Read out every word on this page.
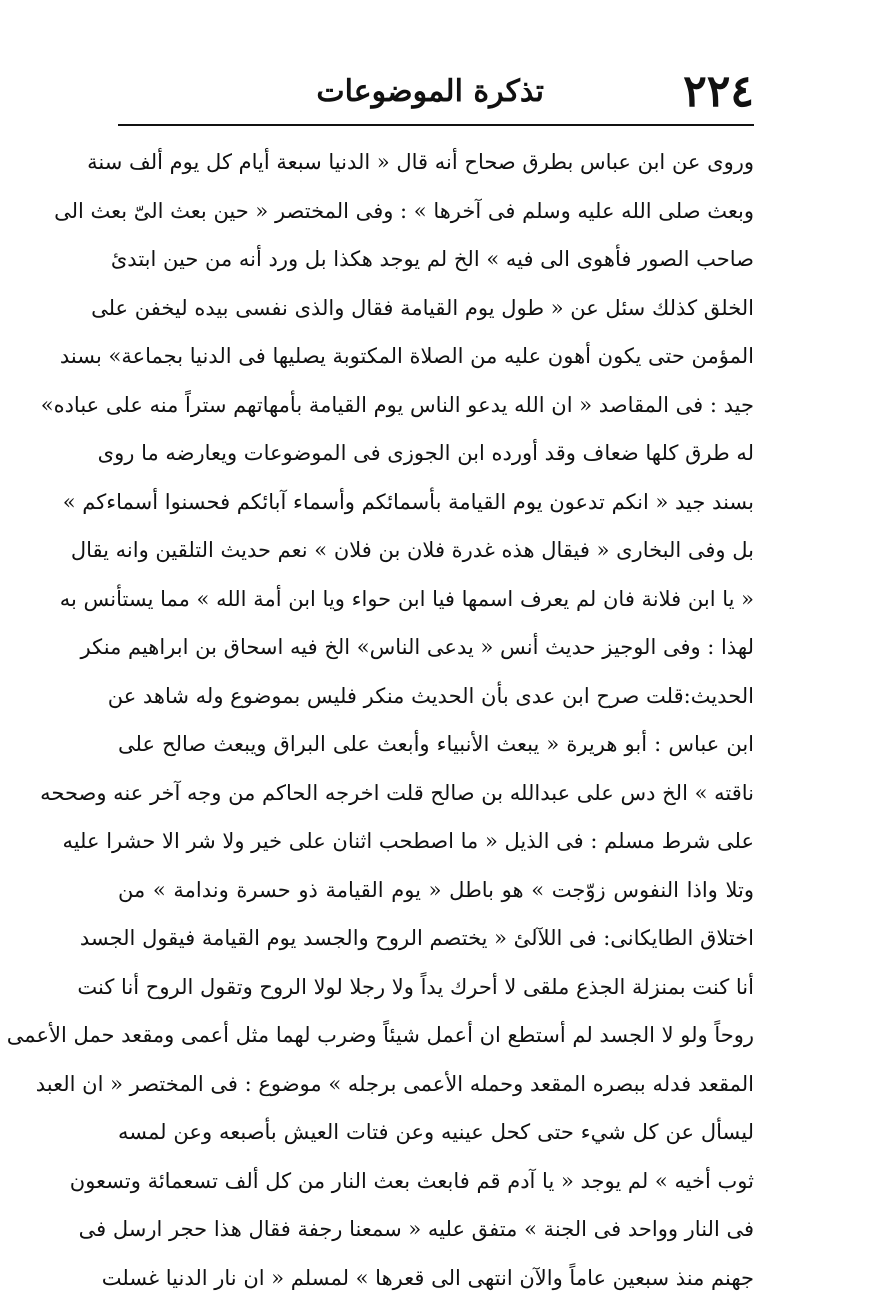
٢٢٤
تذكرة الموضوعات
وروى عن ابن عباس بطرق صحاح أنه قال « الدنيا سبعة أيام كل يوم ألف سنة
وبعث صلى الله عليه وسلم فى آخرها » : وفى المختصر « حين بعث الىّ بعث الى
صاحب الصور فأهوى الى فيه » الخ لم يوجد هكذا بل ورد أنه من حين ابتدئ
الخلق كذلك سئل عن « طول يوم القيامة فقال والذى نفسى بيده ليخفن على
المؤمن حتى يكون أهون عليه من الصلاة المكتوبة يصليها فى الدنيا بجماعة» بسند
جيد : فى المقاصد « ان الله يدعو الناس يوم القيامة بأمهاتهم ستراً منه على عباده»
له طرق كلها ضعاف وقد أورده ابن الجوزى فى الموضوعات ويعارضه ما روى
بسند جيد « انكم تدعون يوم القيامة بأسمائكم وأسماء آبائكم فحسنوا أسماءكم »
بل وفى البخارى « فيقال هذه غدرة فلان بن فلان » نعم حديث التلقين وانه يقال
« يا ابن فلانة فان لم يعرف اسمها فيا ابن حواء ويا ابن أمة الله » مما يستأنس به
لهذا : وفى الوجيز حديث أنس « يدعى الناس» الخ فيه اسحاق بن ابراهيم منكر
الحديث:قلت صرح ابن عدى بأن الحديث منكر فليس بموضوع وله شاهد عن
ابن عباس : أبو هريرة « يبعث الأنبياء وأبعث على البراق ويبعث صالح على
ناقته » الخ دس على عبدالله بن صالح قلت اخرجه الحاكم من وجه آخر عنه وصححه
على شرط مسلم : فى الذيل « ما اصطحب اثنان على خير ولا شر الا حشرا عليه
وتلا واذا النفوس زوّجت » هو باطل « يوم القيامة ذو حسرة وندامة » من
اختلاق الطايكانى: فى اللآلئ « يختصم الروح والجسد يوم القيامة فيقول الجسد
أنا كنت بمنزلة الجذع ملقى لا أحرك يداً ولا رجلا لولا الروح وتقول الروح أنا كنت
روحاً ولو لا الجسد لم أستطع ان أعمل شيئاً وضرب لهما مثل أعمى ومقعد حمل الأعمى
المقعد فدله ببصره المقعد وحمله الأعمى برجله » موضوع : فى المختصر « ان العبد
ليسأل عن كل شيء حتى كحل عينيه وعن فتات العيش بأصبعه وعن لمسه
ثوب أخيه » لم يوجد « يا آدم قم فابعث بعث النار من كل ألف تسعمائة وتسعون
فى النار وواحد فى الجنة » متفق عليه « سمعنا رجفة فقال هذا حجر ارسل فى
جهنم منذ سبعين عاماً والآن انتهى الى قعرها » لمسلم « ان نار الدنيا غسلت
